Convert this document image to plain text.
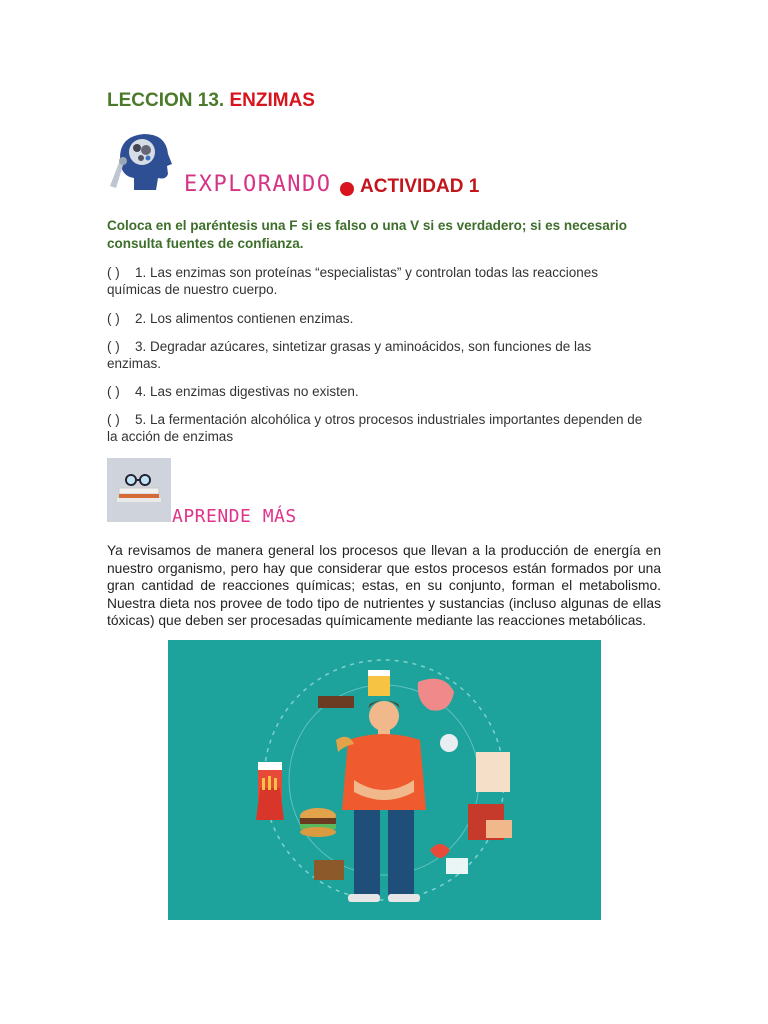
LECCION 13. ENZIMAS
EXPLORANDO ACTIVIDAD 1
Coloca en el paréntesis una F si es falso o una V si es verdadero; si es necesario consulta fuentes de confianza.
( ) 1. Las enzimas son proteínas “especialistas” y controlan todas las reacciones químicas de nuestro cuerpo.
( ) 2. Los alimentos contienen enzimas.
( ) 3. Degradar azúcares, sintetizar grasas y aminoácidos, son funciones de las enzimas.
( ) 4. Las enzimas digestivas no existen.
( ) 5. La fermentación alcohólica y otros procesos industriales importantes dependen de la acción de enzimas
APRENDE MÁS
Ya revisamos de manera general los procesos que llevan a la producción de energía en nuestro organismo, pero hay que considerar que estos procesos están formados por una gran cantidad de reacciones químicas; estas, en su conjunto, forman el metabolismo. Nuestra dieta nos provee de todo tipo de nutrientes y sustancias (incluso algunas de ellas tóxicas) que deben ser procesadas químicamente mediante las reacciones metabólicas.
